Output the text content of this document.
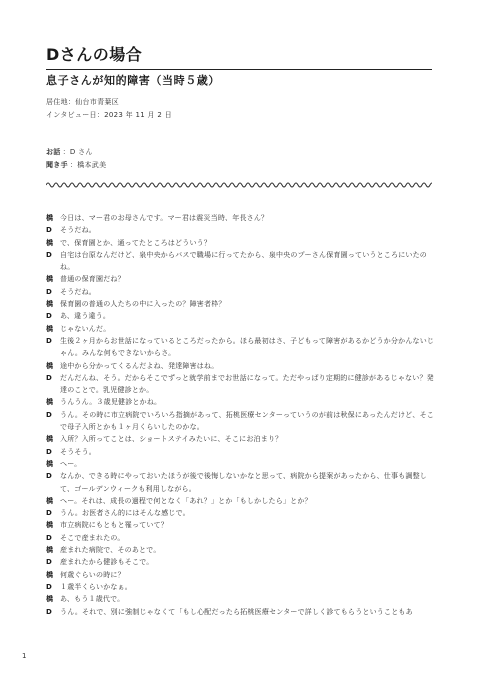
Dさんの場合
息子さんが知的障害（当時５歳）
居住地：仙台市青葉区
インタビュー日：2023 年 11 月 2 日
お話 ：D さん
聞き手 ：橋本武美
橋 今日は、マー君のお母さんです。マー君は震災当時、年長さん？
D	そうだね。
橋 で、保育園とか、通ってたところはどういう？
D	自宅は台原なんだけど、泉中央からバスで職場に行ってたから、泉中央のプーさん保育園っていうところにいたのね。
橋 普通の保育園だね？
D	そうだね。
橋 保育園の普通の人たちの中に入ったの？障害者枠？
D	あ、違う違う。
橋 じゃないんだ。
D	生後２ヶ月からお世話になっているところだったから。ほら最初はさ、子どもって障害があるかどうか分かんないじゃん。みんな何もできないからさ。
橋 途中から分かってくるんだよね、発達障害はね。
D	だんだんね、そう。だからそこでずっと就学前までお世話になって。ただやっぱり定期的に健診があるじゃない？発達のことで。乳児健診とか。
橋 うんうん。３歳児健診とかね。
D	うん。その時に市立病院でいろいろ指摘があって、拓桃医療センターっていうのが前は秋保にあったんだけど、そこで母子入所とかも１ヶ月くらいしたのかな。
橋 入所？入所ってことは、ショートステイみたいに、そこにお泊まり？
D	そうそう。
橋 へー。
D	なんか、できる時にやっておいたほうが後で後悔しないかなと思って、病院から提案があったから、仕事も調整して、ゴールデンウィークも利用しながら。
橋 へー。それは、成長の過程で何となく「あれ？」とか「もしかしたら」とか？
D	うん。お医者さん的にはそんな感じで。
橋 市立病院にもともと罹っていて？
D	そこで産まれたの。
橋 産まれた病院で、そのあとで。
D	産まれたから健診もそこで。
橋 何歳ぐらいの時に？
D	１歳半くらいかなぁ。
橋 あ、もう１歳代で。
D	うん。それで、別に強制じゃなくて「もし心配だったら拓桃医療センターで詳しく診てもらうということもあ
1
